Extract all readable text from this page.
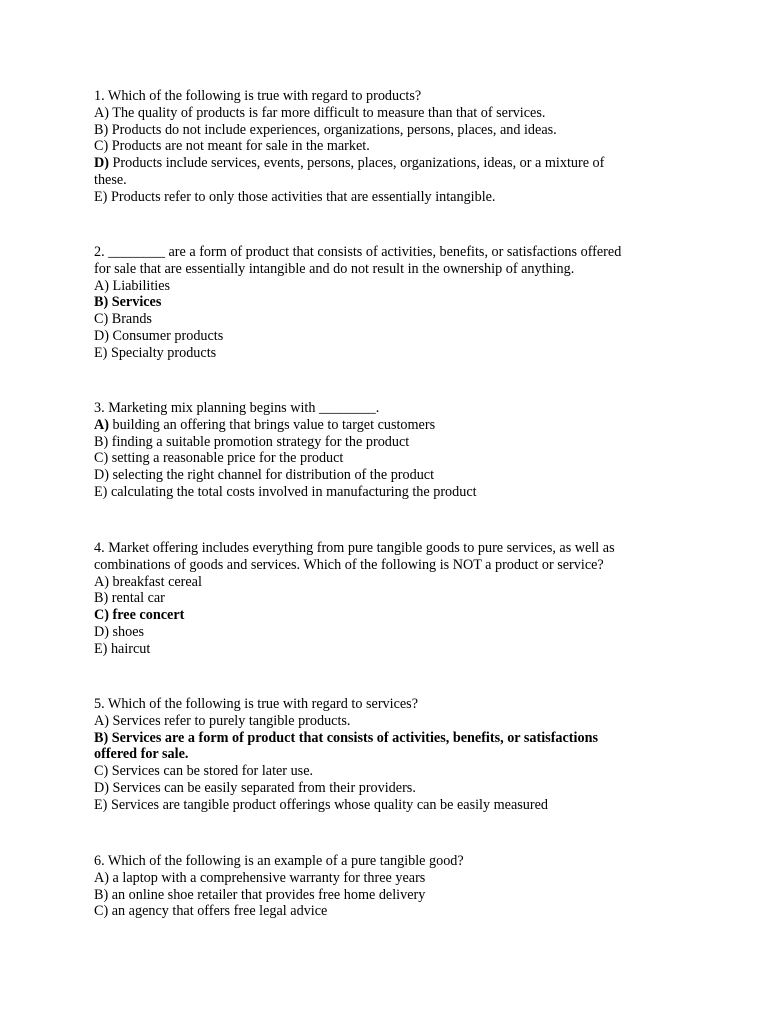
1. Which of the following is true with regard to products?
A) The quality of products is far more difficult to measure than that of services.
B) Products do not include experiences, organizations, persons, places, and ideas.
C) Products are not meant for sale in the market.
D) Products include services, events, persons, places, organizations, ideas, or a mixture of
these.
E) Products refer to only those activities that are essentially intangible.
2. ________ are a form of product that consists of activities, benefits, or satisfactions offered
for sale that are essentially intangible and do not result in the ownership of anything.
A) Liabilities
B) Services
C) Brands
D) Consumer products
E) Specialty products
3. Marketing mix planning begins with ________.
A) building an offering that brings value to target customers
B) finding a suitable promotion strategy for the product
C) setting a reasonable price for the product
D) selecting the right channel for distribution of the product
E) calculating the total costs involved in manufacturing the product
4. Market offering includes everything from pure tangible goods to pure services, as well as
combinations of goods and services. Which of the following is NOT a product or service?
A) breakfast cereal
B) rental car
C) free concert
D) shoes
E) haircut
5. Which of the following is true with regard to services?
A) Services refer to purely tangible products.
B) Services are a form of product that consists of activities, benefits, or satisfactions
offered for sale.
C) Services can be stored for later use.
D) Services can be easily separated from their providers.
E) Services are tangible product offerings whose quality can be easily measured
6. Which of the following is an example of a pure tangible good?
A) a laptop with a comprehensive warranty for three years
B) an online shoe retailer that provides free home delivery
C) an agency that offers free legal advice
